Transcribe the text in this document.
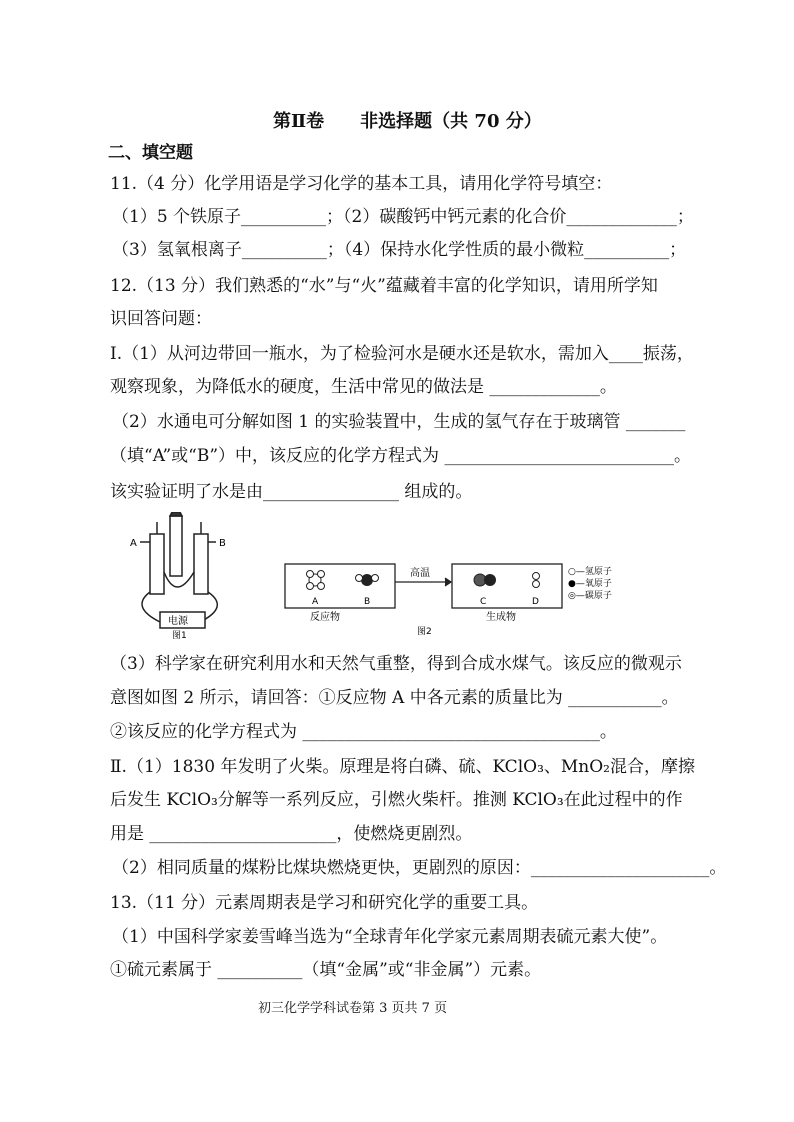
第Ⅱ卷　　非选择题（共 70 分）
二、填空题
11.（4 分）化学用语是学习化学的基本工具，请用化学符号填空：
（1）5 个铁原子__________；（2）碳酸钙中钙元素的化合价_____________；
（3）氢氧根离子__________；（4）保持水化学性质的最小微粒__________；
12.（13 分）我们熟悉的“水”与“火”蕴藏着丰富的化学知识，请用所学知
识回答问题：
Ⅰ.（1）从河边带回一瓶水，为了检验河水是硬水还是软水，需加入____振荡，
观察现象，为降低水的硬度，生活中常见的做法是 _____________。
（2）水通电可分解如图 1 的实验装置中，生成的氢气存在于玻璃管 _______
（填“A”或“B”）中，该反应的化学方程式为 ___________________________。
该实验证明了水是由________________ 组成的。
A	B
电源
图1
A	B	C	D
高温
反应物	生成物
图2
○—氢原子
●—氧原子
◎—碳原子
（3）科学家在研究利用水和天然气重整，得到合成水煤气。该反应的微观示
意图如图 2 所示，请回答：①反应物 A 中各元素的质量比为 ___________。
②该反应的化学方程式为 ___________________________________。
Ⅱ.（1）1830 年发明了火柴。原理是将白磷、硫、KClO₃、MnO₂混合，摩擦
后发生 KClO₃分解等一系列反应，引燃火柴杆。推测 KClO₃在此过程中的作
用是 ______________________，使燃烧更剧烈。
（2）相同质量的煤粉比煤块燃烧更快，更剧烈的原因：_____________________。
13.（11 分）元素周期表是学习和研究化学的重要工具。
（1）中国科学家姜雪峰当选为“全球青年化学家元素周期表硫元素大使”。
①硫元素属于 __________（填“金属”或“非金属”）元素。
初三化学学科试卷第 3 页共 7 页
